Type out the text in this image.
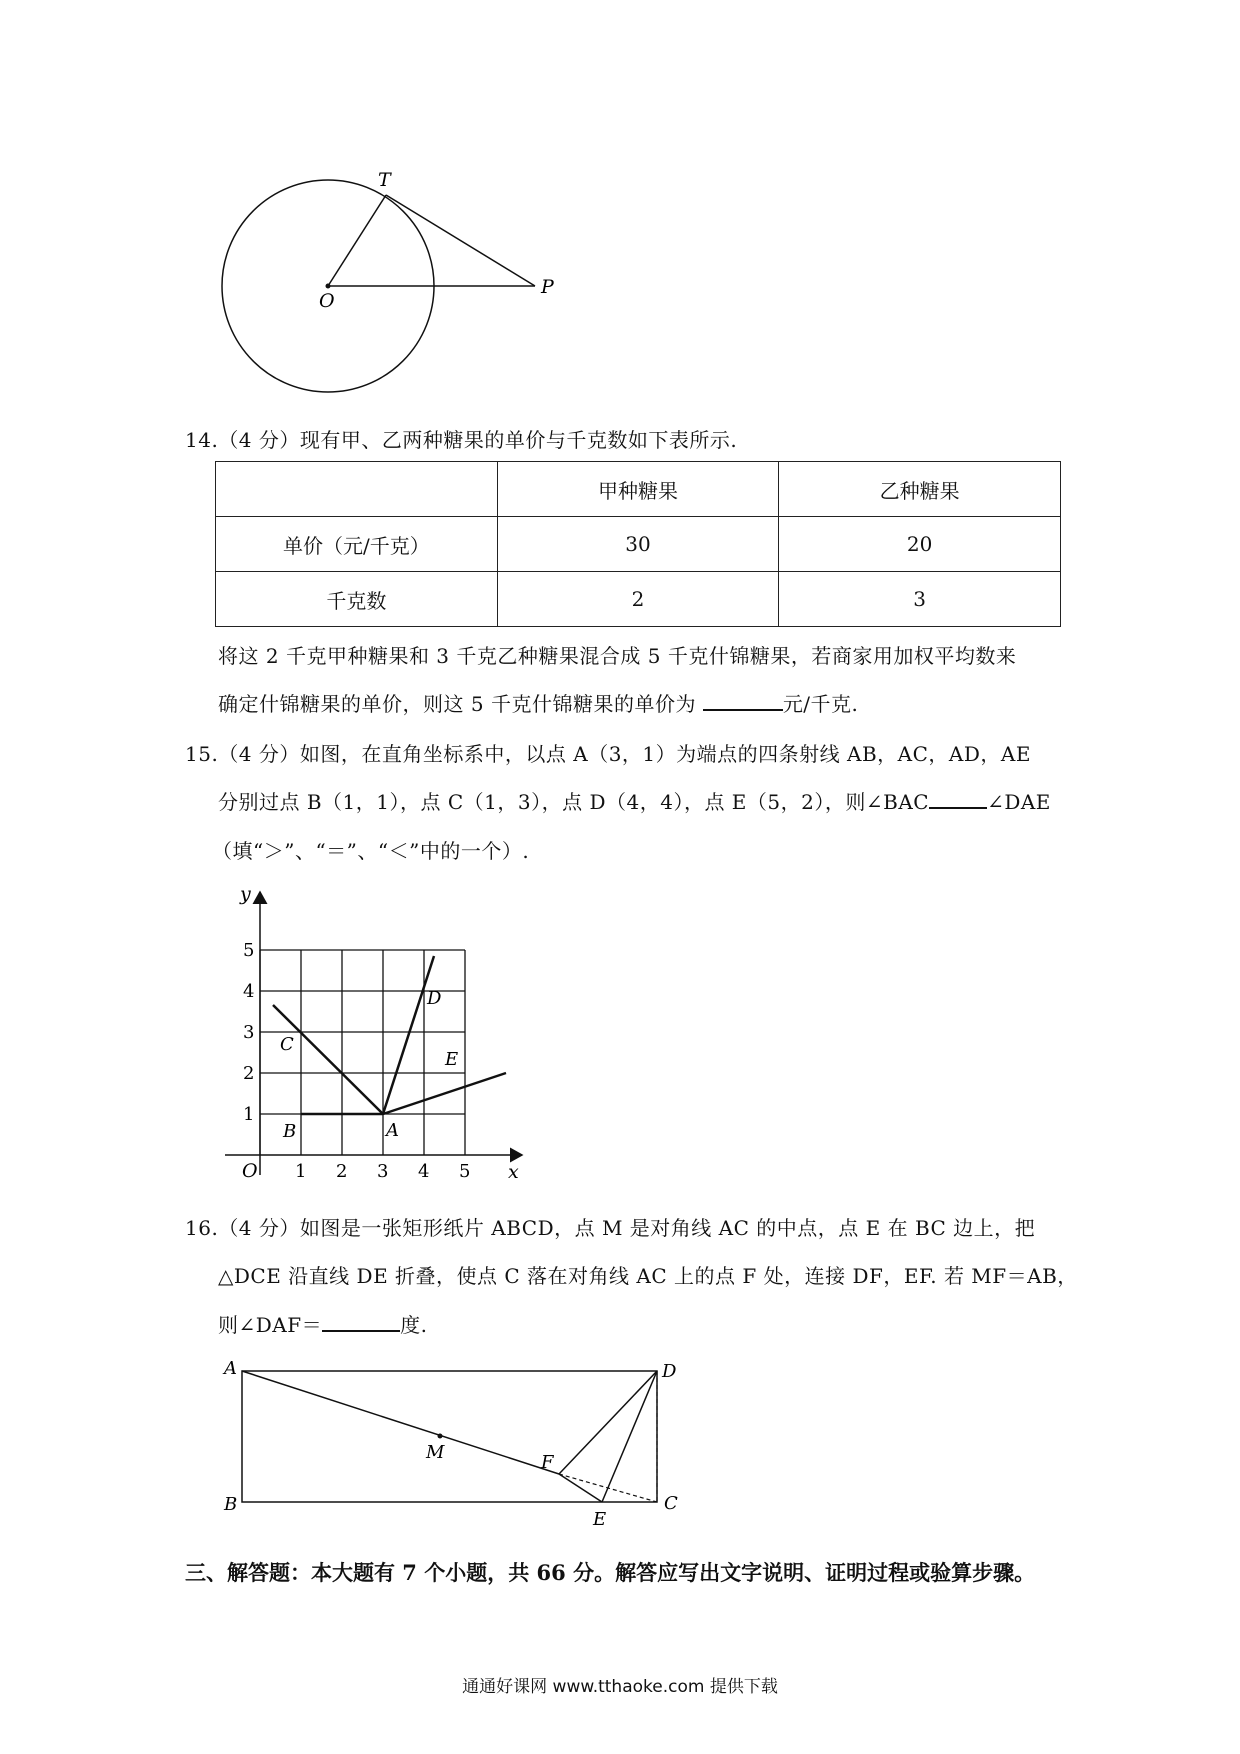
T
O
P
14.（4 分）现有甲、乙两种糖果的单价与千克数如下表所示.
	甲种糖果	乙种糖果
单价（元/千克）	30	20
千克数	2	3
将这 2 千克甲种糖果和 3 千克乙种糖果混合成 5 千克什锦糖果，若商家用加权平均数来
确定什锦糖果的单价，则这 5 千克什锦糖果的单价为	元/千克.
15.（4 分）如图，在直角坐标系中，以点 A（3，1）为端点的四条射线 AB，AC，AD，AE
分别过点 B（1，1），点 C（1，3），点 D（4，4），点 E（5，2），则∠BAC	∠DAE
（填“＞”、“＝”、“＜”中的一个）.
y
x
O 1 2 3 4 5
1
2
3
4
5
A
B
C
D
E
16.（4 分）如图是一张矩形纸片 ABCD，点 M 是对角线 AC 的中点，点 E 在 BC 边上，把
△DCE 沿直线 DE 折叠，使点 C 落在对角线 AC 上的点 F 处，连接 DF，EF. 若 MF＝AB，
则∠DAF＝	度.
A
B	C
D
E
F
M
三、解答题：本大题有 7 个小题，共 66 分。解答应写出文字说明、证明过程或验算步骤。
通通好课网 www.tthaoke.com 提供下载
